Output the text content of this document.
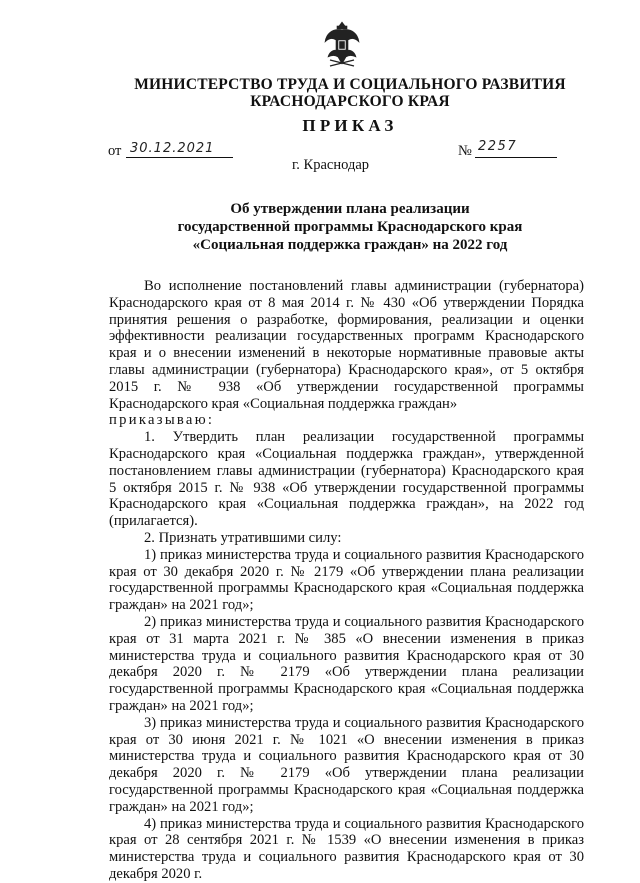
МИНИСТЕРСТВО ТРУДА И СОЦИАЛЬНОГО РАЗВИТИЯ
КРАСНОДАРСКОГО КРАЯ
ПРИКАЗ
от 30.12.2021	№ 2257
г. Краснодар
Об утверждении плана реализации
государственной программы Краснодарского края
«Социальная поддержка граждан» на 2022 год

Во исполнение постановлений главы администрации (губернатора) Краснодарского края от 8 мая 2014 г. № 430 «Об утверждении Порядка принятия решения о разработке, формирования, реализации и оценки эффективности реализации государственных программ Краснодарского края и о внесении изменений в некоторые нормативные правовые акты главы администрации (губернатора) Краснодарского края», от 5 октября 2015 г. № 938 «Об утверждении государственной программы Краснодарского края «Социальная поддержка граждан»

приказываю:

1. Утвердить план реализации государственной программы Краснодарского края «Социальная поддержка граждан», утвержденной постановлением главы администрации (губернатора) Краснодарского края 5 октября 2015 г. № 938 «Об утверждении государственной программы Краснодарского края «Социальная поддержка граждан», на 2022 год (прилагается).

2. Признать утратившими силу:

1) приказ министерства труда и социального развития Краснодарского края от 30 декабря 2020 г. № 2179 «Об утверждении плана реализации государственной программы Краснодарского края «Социальная поддержка граждан» на 2021 год»;

2) приказ министерства труда и социального развития Краснодарского края от 31 марта 2021 г. № 385 «О внесении изменения в приказ министерства труда и социального развития Краснодарского края от 30 декабря 2020 г. № 2179 «Об утверждении плана реализации государственной программы Краснодарского края «Социальная поддержка граждан» на 2021 год»;

3) приказ министерства труда и социального развития Краснодарского края от 30 июня 2021 г. № 1021 «О внесении изменения в приказ министерства труда и социального развития Краснодарского края от 30 декабря 2020 г. № 2179 «Об утверждении плана реализации государственной программы Краснодарского края «Социальная поддержка граждан» на 2021 год»;

4) приказ министерства труда и социального развития Краснодарского края от 28 сентября 2021 г. № 1539 «О внесении изменения в приказ министерства труда и социального развития Краснодарского края от 30 декабря 2020 г.
